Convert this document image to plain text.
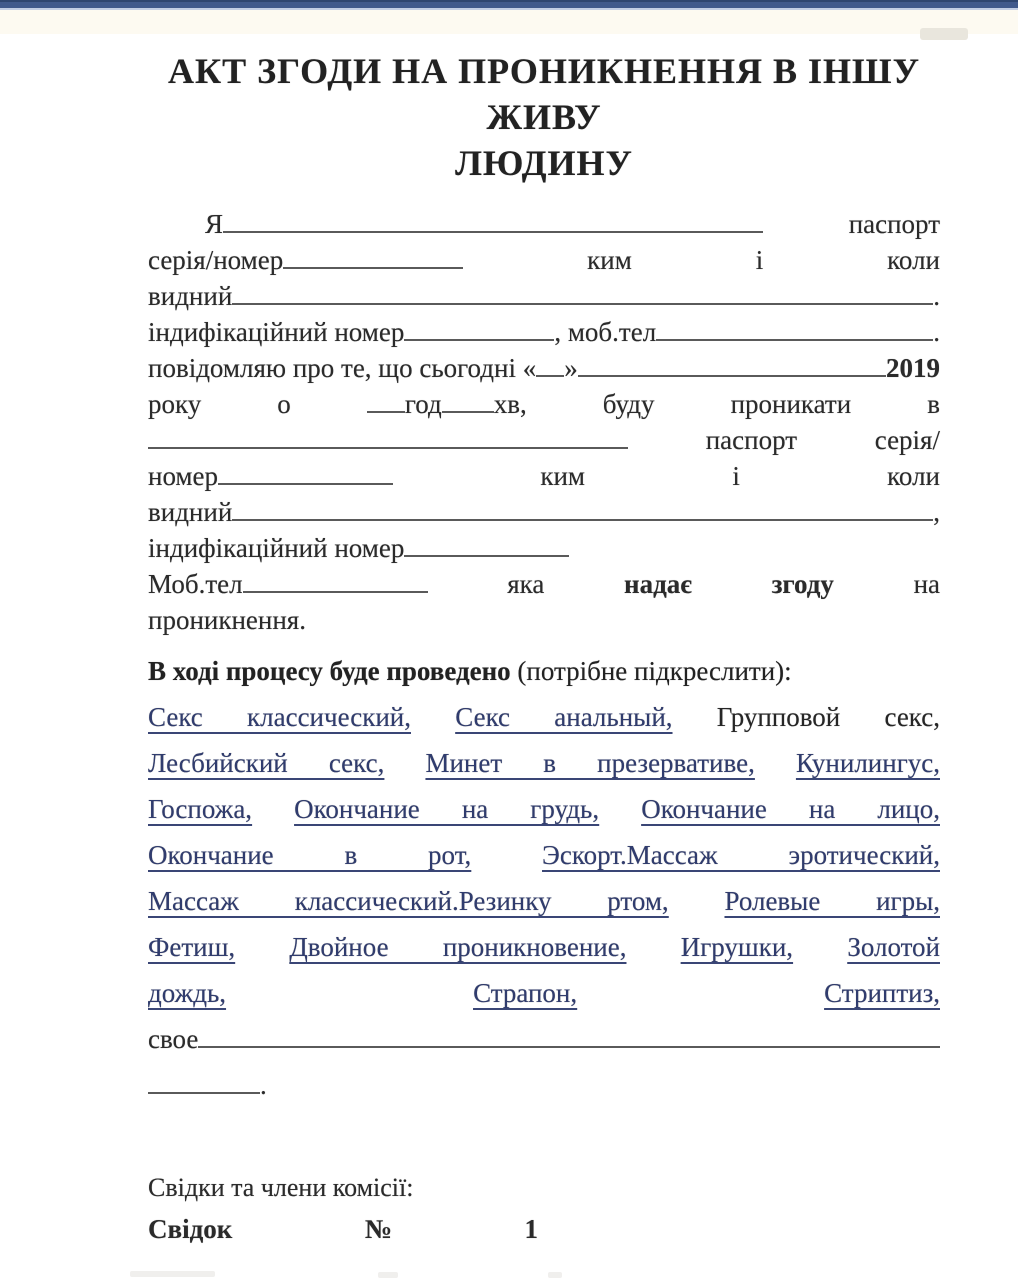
АКТ ЗГОДИ НА ПРОНИКНЕННЯ В ІНШУ ЖИВУ
ЛЮДИНУ
Я	паспорт
серія/номер	ким	і	коли
видний	.
індифікаційний номер	, моб.тел	.
повідомляю про те, що сьогодні « »	2019
року	о	год хв,	буду	проникати	в
паспорт	серія/
номер	ким	і	коли
видний	,
індифікаційний номер
Моб.тел	яка	надає	згоду	на
проникнення.
В ході процесу буде проведено (потрібне підкреслити):
Секс классический, Секс анальный, Групповой секс,
Лесбийский секс, Минет в презервативе, Кунилингус,
Госпожа, Окончание на грудь, Окончание на лицо,
Окончание в рот,	Эскорт.Массаж эротический,
Массаж классический.Резинку ртом, Ролевые игры,
Фетиш, Двойное проникновение, Игрушки, Золотой
дождь,	Страпон,	Стриптиз,
свое
.
Свідки та члени комісії:
Свідок	№	1
